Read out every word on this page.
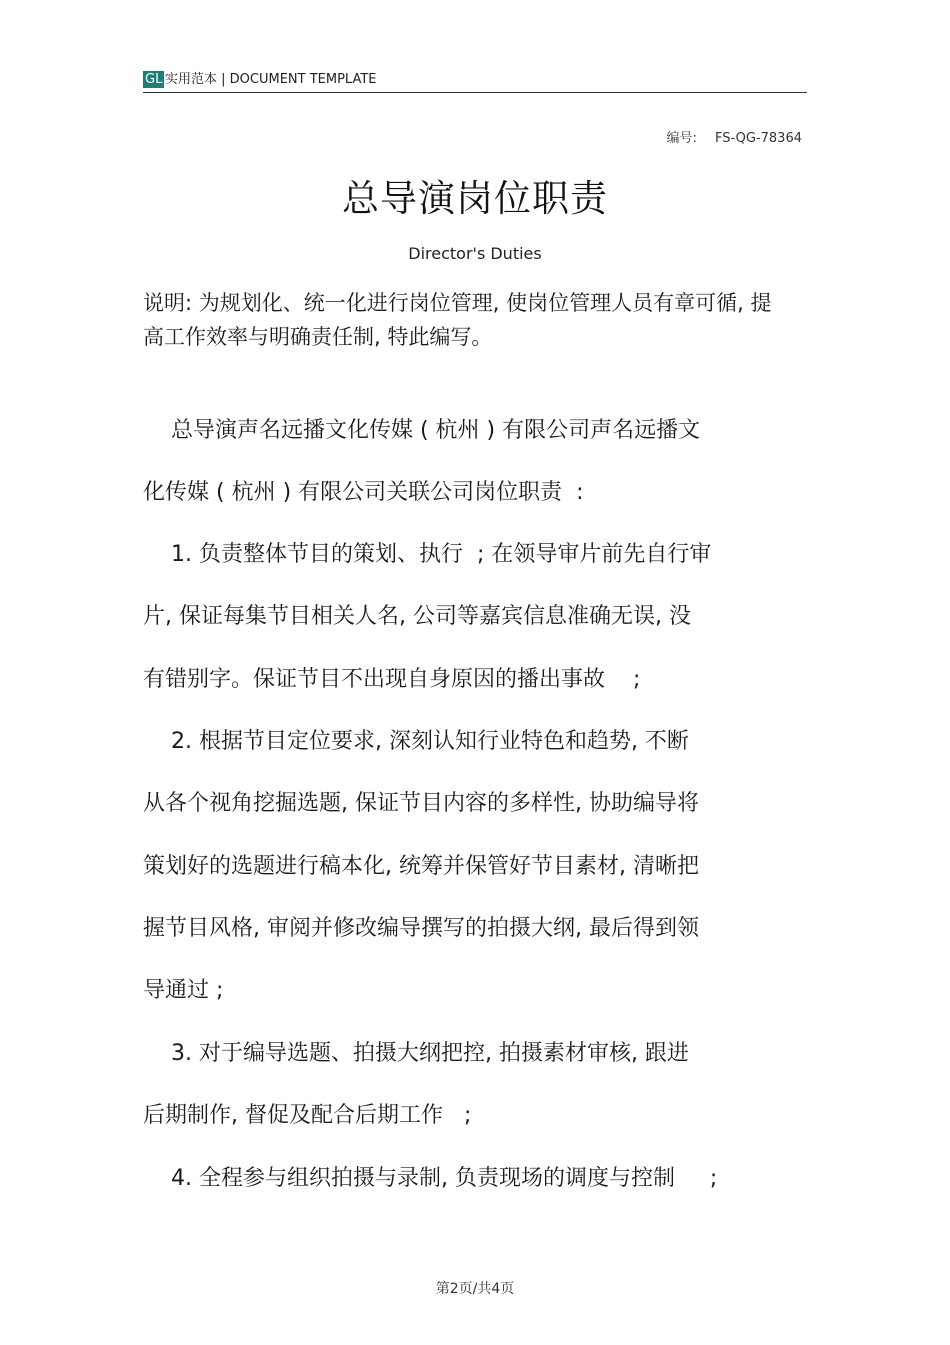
GL 实用范本 | DOCUMENT TEMPLATE
编号: FS-QG-78364
总导演岗位职责
Director's Duties
说明: 为规划化、统一化进行岗位管理, 使岗位管理人员有章可循, 提高工作效率与明确责任制, 特此编写。
总导演声名远播文化传媒 ( 杭州 ) 有限公司声名远播文
化传媒 ( 杭州 ) 有限公司关联公司岗位职责  :
1. 负责整体节目的策划、执行  ; 在领导审片前先自行审
片, 保证每集节目相关人名, 公司等嘉宾信息准确无误, 没
有错别字。保证节目不出现自身原因的播出事故    ;
2. 根据节目定位要求, 深刻认知行业特色和趋势, 不断
从各个视角挖掘选题, 保证节目内容的多样性, 协助编导将
策划好的选题进行稿本化, 统筹并保管好节目素材, 清晰把
握节目风格, 审阅并修改编导撰写的拍摄大纲, 最后得到领
导通过 ;
3. 对于编导选题、拍摄大纲把控, 拍摄素材审核, 跟进
后期制作, 督促及配合后期工作   ;
4. 全程参与组织拍摄与录制, 负责现场的调度与控制     ;
第2页/共4页
